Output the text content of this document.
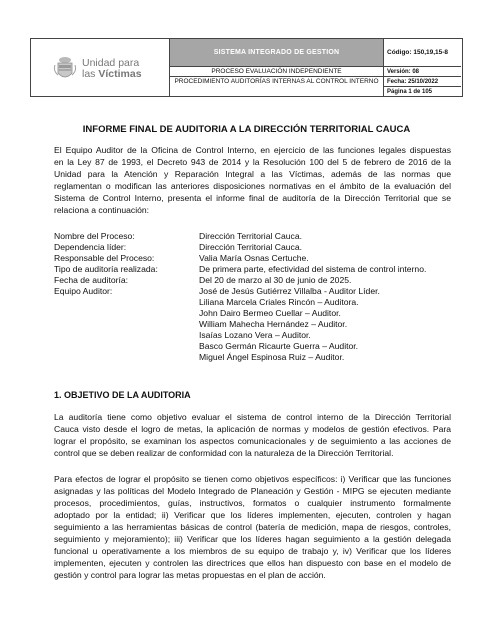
Unidad para
las Víctimas
SISTEMA INTEGRADO DE GESTION
PROCESO EVALUACIÓN INDEPENDIENTE
PROCEDIMIENTO AUDITORÍAS INTERNAS AL CONTROL INTERNO
Código: 150,19,15-8
Versión: 08
Fecha: 25/10/2022
Página 1 de 105
INFORME FINAL DE AUDITORIA A LA DIRECCIÓN TERRITORIAL CAUCA
El Equipo Auditor de la Oficina de Control Interno, en ejercicio de las funciones legales dispuestas
en la Ley 87 de 1993, el Decreto 943 de 2014 y la Resolución 100 del 5 de febrero de 2016 de la
Unidad para la Atención y Reparación Integral a las Víctimas, además de las normas que
reglamentan o modifican las anteriores disposiciones normativas en el ámbito de la evaluación del
Sistema de Control Interno, presenta el informe final de auditoría de la Dirección Territorial que se
relaciona a continuación:
Nombre del Proceso:	Dirección Territorial Cauca.
Dependencia líder:	Dirección Territorial Cauca.
Responsable del Proceso:	Valia María Osnas Certuche.
Tipo de auditoría realizada:	De primera parte, efectividad del sistema de control interno.
Fecha de auditoría:	Del 20 de marzo al 30 de junio de 2025.
Equipo Auditor:	José de Jesús Gutiérrez Villalba - Auditor Líder.
Liliana Marcela Criales Rincón – Auditora.
John Dairo Bermeo Cuellar – Auditor.
William Mahecha Hernández – Auditor.
Isaías Lozano Vera – Auditor.
Basco Germán Ricaurte Guerra – Auditor.
Miguel Ángel Espinosa Ruiz – Auditor.
1. OBJETIVO DE LA AUDITORIA
La auditoría tiene como objetivo evaluar el sistema de control interno de la Dirección Territorial
Cauca visto desde el logro de metas, la aplicación de normas y modelos de gestión efectivos. Para
lograr el propósito, se examinan los aspectos comunicacionales y de seguimiento a las acciones de
control que se deben realizar de conformidad con la naturaleza de la Dirección Territorial.
Para efectos de lograr el propósito se tienen como objetivos específicos: i) Verificar que las funciones
asignadas y las políticas del Modelo Integrado de Planeación y Gestión - MIPG se ejecuten mediante
procesos, procedimientos, guías, instructivos, formatos o cualquier instrumento formalmente
adoptado por la entidad; ii) Verificar que los líderes implementen, ejecuten, controlen y hagan
seguimiento a las herramientas básicas de control (batería de medición, mapa de riesgos, controles,
seguimiento y mejoramiento); iii) Verificar que los líderes hagan seguimiento a la gestión delegada
funcional u operativamente a los miembros de su equipo de trabajo y, iv) Verificar que los líderes
implementen, ejecuten y controlen las directrices que ellos han dispuesto con base en el modelo de
gestión y control para lograr las metas propuestas en el plan de acción.
